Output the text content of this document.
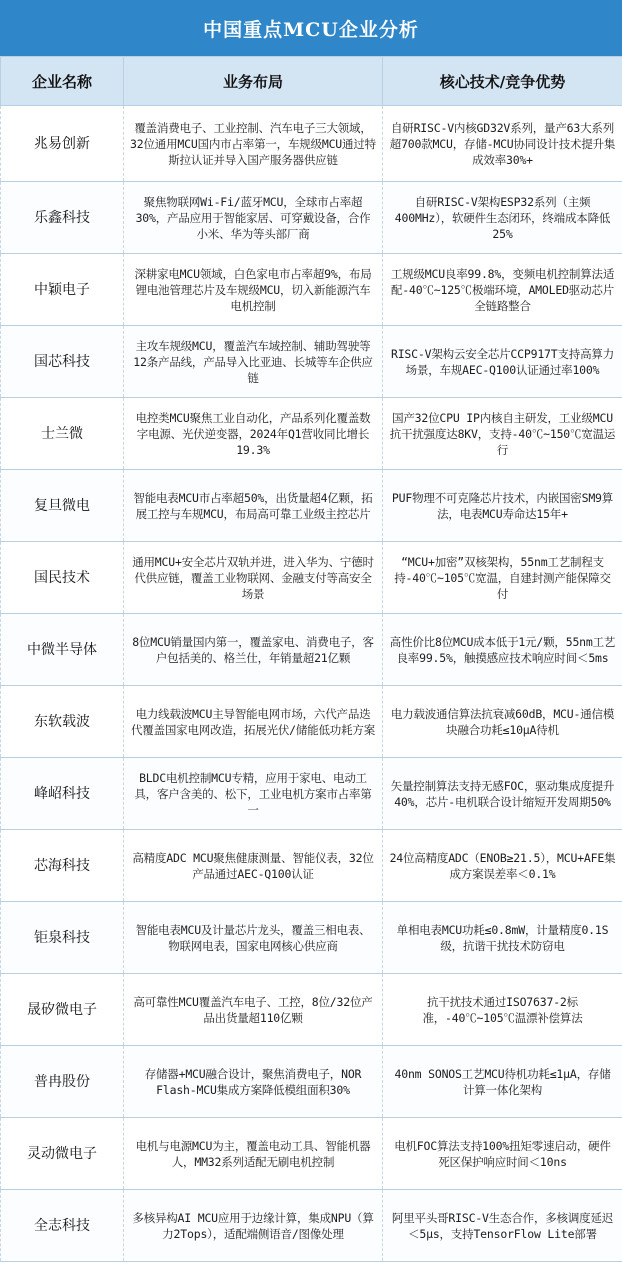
中国重点MCU企业分析
企业名称	业务布局	核心技术/竞争优势
兆易创新	覆盖消费电子、工业控制、汽车电子三大领域，32位通用MCU国内市占率第一，车规级MCU通过特斯拉认证并导入国产服务器供应链	自研RISC-V内核GD32V系列，量产63大系列超700款MCU，存储-MCU协同设计技术提升集成效率30%+
乐鑫科技	聚焦物联网Wi-Fi/蓝牙MCU，全球市占率超30%，产品应用于智能家居、可穿戴设备，合作小米、华为等头部厂商	自研RISC-V架构ESP32系列（主频400MHz），软硬件生态闭环，终端成本降低25%
中颖电子	深耕家电MCU领域，白色家电市占率超9%，布局锂电池管理芯片及车规级MCU，切入新能源汽车电机控制	工规级MCU良率99.8%，变频电机控制算法适配-40℃~125℃极端环境，AMOLED驱动芯片全链路整合
国芯科技	主攻车规级MCU，覆盖汽车域控制、辅助驾驶等12条产品线，产品导入比亚迪、长城等车企供应链	RISC-V架构云安全芯片CCP917T支持高算力场景，车规AEC-Q100认证通过率100%
士兰微	电控类MCU聚焦工业自动化，产品系列化覆盖数字电源、光伏逆变器，2024年Q1营收同比增长19.3%	国产32位CPU IP内核自主研发，工业级MCU抗干扰强度达8KV，支持-40℃~150℃宽温运行
复旦微电	智能电表MCU市占率超50%，出货量超4亿颗，拓展工控与车规MCU，布局高可靠工业级主控芯片	PUF物理不可克隆芯片技术，内嵌国密SM9算法，电表MCU寿命达15年+
国民技术	通用MCU+安全芯片双轨并进，进入华为、宁德时代供应链，覆盖工业物联网、金融支付等高安全场景	“MCU+加密”双核架构，55nm工艺制程支持-40℃~105℃宽温，自建封测产能保障交付
中微半导体	8位MCU销量国内第一，覆盖家电、消费电子，客户包括美的、格兰仕，年销量超21亿颗	高性价比8位MCU成本低于1元/颗，55nm工艺良率99.5%，触摸感应技术响应时间＜5ms
东软载波	电力线载波MCU主导智能电网市场，六代产品迭代覆盖国家电网改造，拓展光伏/储能低功耗方案	电力载波通信算法抗衰减60dB，MCU-通信模块融合功耗≤10μA待机
峰岹科技	BLDC电机控制MCU专精，应用于家电、电动工具，客户含美的、松下，工业电机方案市占率第一	矢量控制算法支持无感FOC，驱动集成度提升40%，芯片-电机联合设计缩短开发周期50%
芯海科技	高精度ADC MCU聚焦健康测量、智能仪表，32位产品通过AEC-Q100认证	24位高精度ADC（ENOB≥21.5），MCU+AFE集成方案误差率＜0.1%
钜泉科技	智能电表MCU及计量芯片龙头，覆盖三相电表、物联网电表，国家电网核心供应商	单相电表MCU功耗≤0.8mW，计量精度0.1S级，抗谐干扰技术防窃电
晟矽微电子	高可靠性MCU覆盖汽车电子、工控，8位/32位产品出货量超110亿颗	抗干扰技术通过ISO7637-2标准，-40℃~105℃温漂补偿算法
普冉股份	存储器+MCU融合设计，聚焦消费电子，NOR Flash-MCU集成方案降低模组面积30%	40nm SONOS工艺MCU待机功耗≤1μA，存储计算一体化架构
灵动微电子	电机与电源MCU为主，覆盖电动工具、智能机器人，MM32系列适配无刷电机控制	电机FOC算法支持100%扭矩零速启动，硬件死区保护响应时间＜10ns
全志科技	多核异构AI MCU应用于边缘计算，集成NPU（算力2Tops），适配端侧语音/图像处理	阿里平头哥RISC-V生态合作，多核调度延迟＜5μs，支持TensorFlow Lite部署
